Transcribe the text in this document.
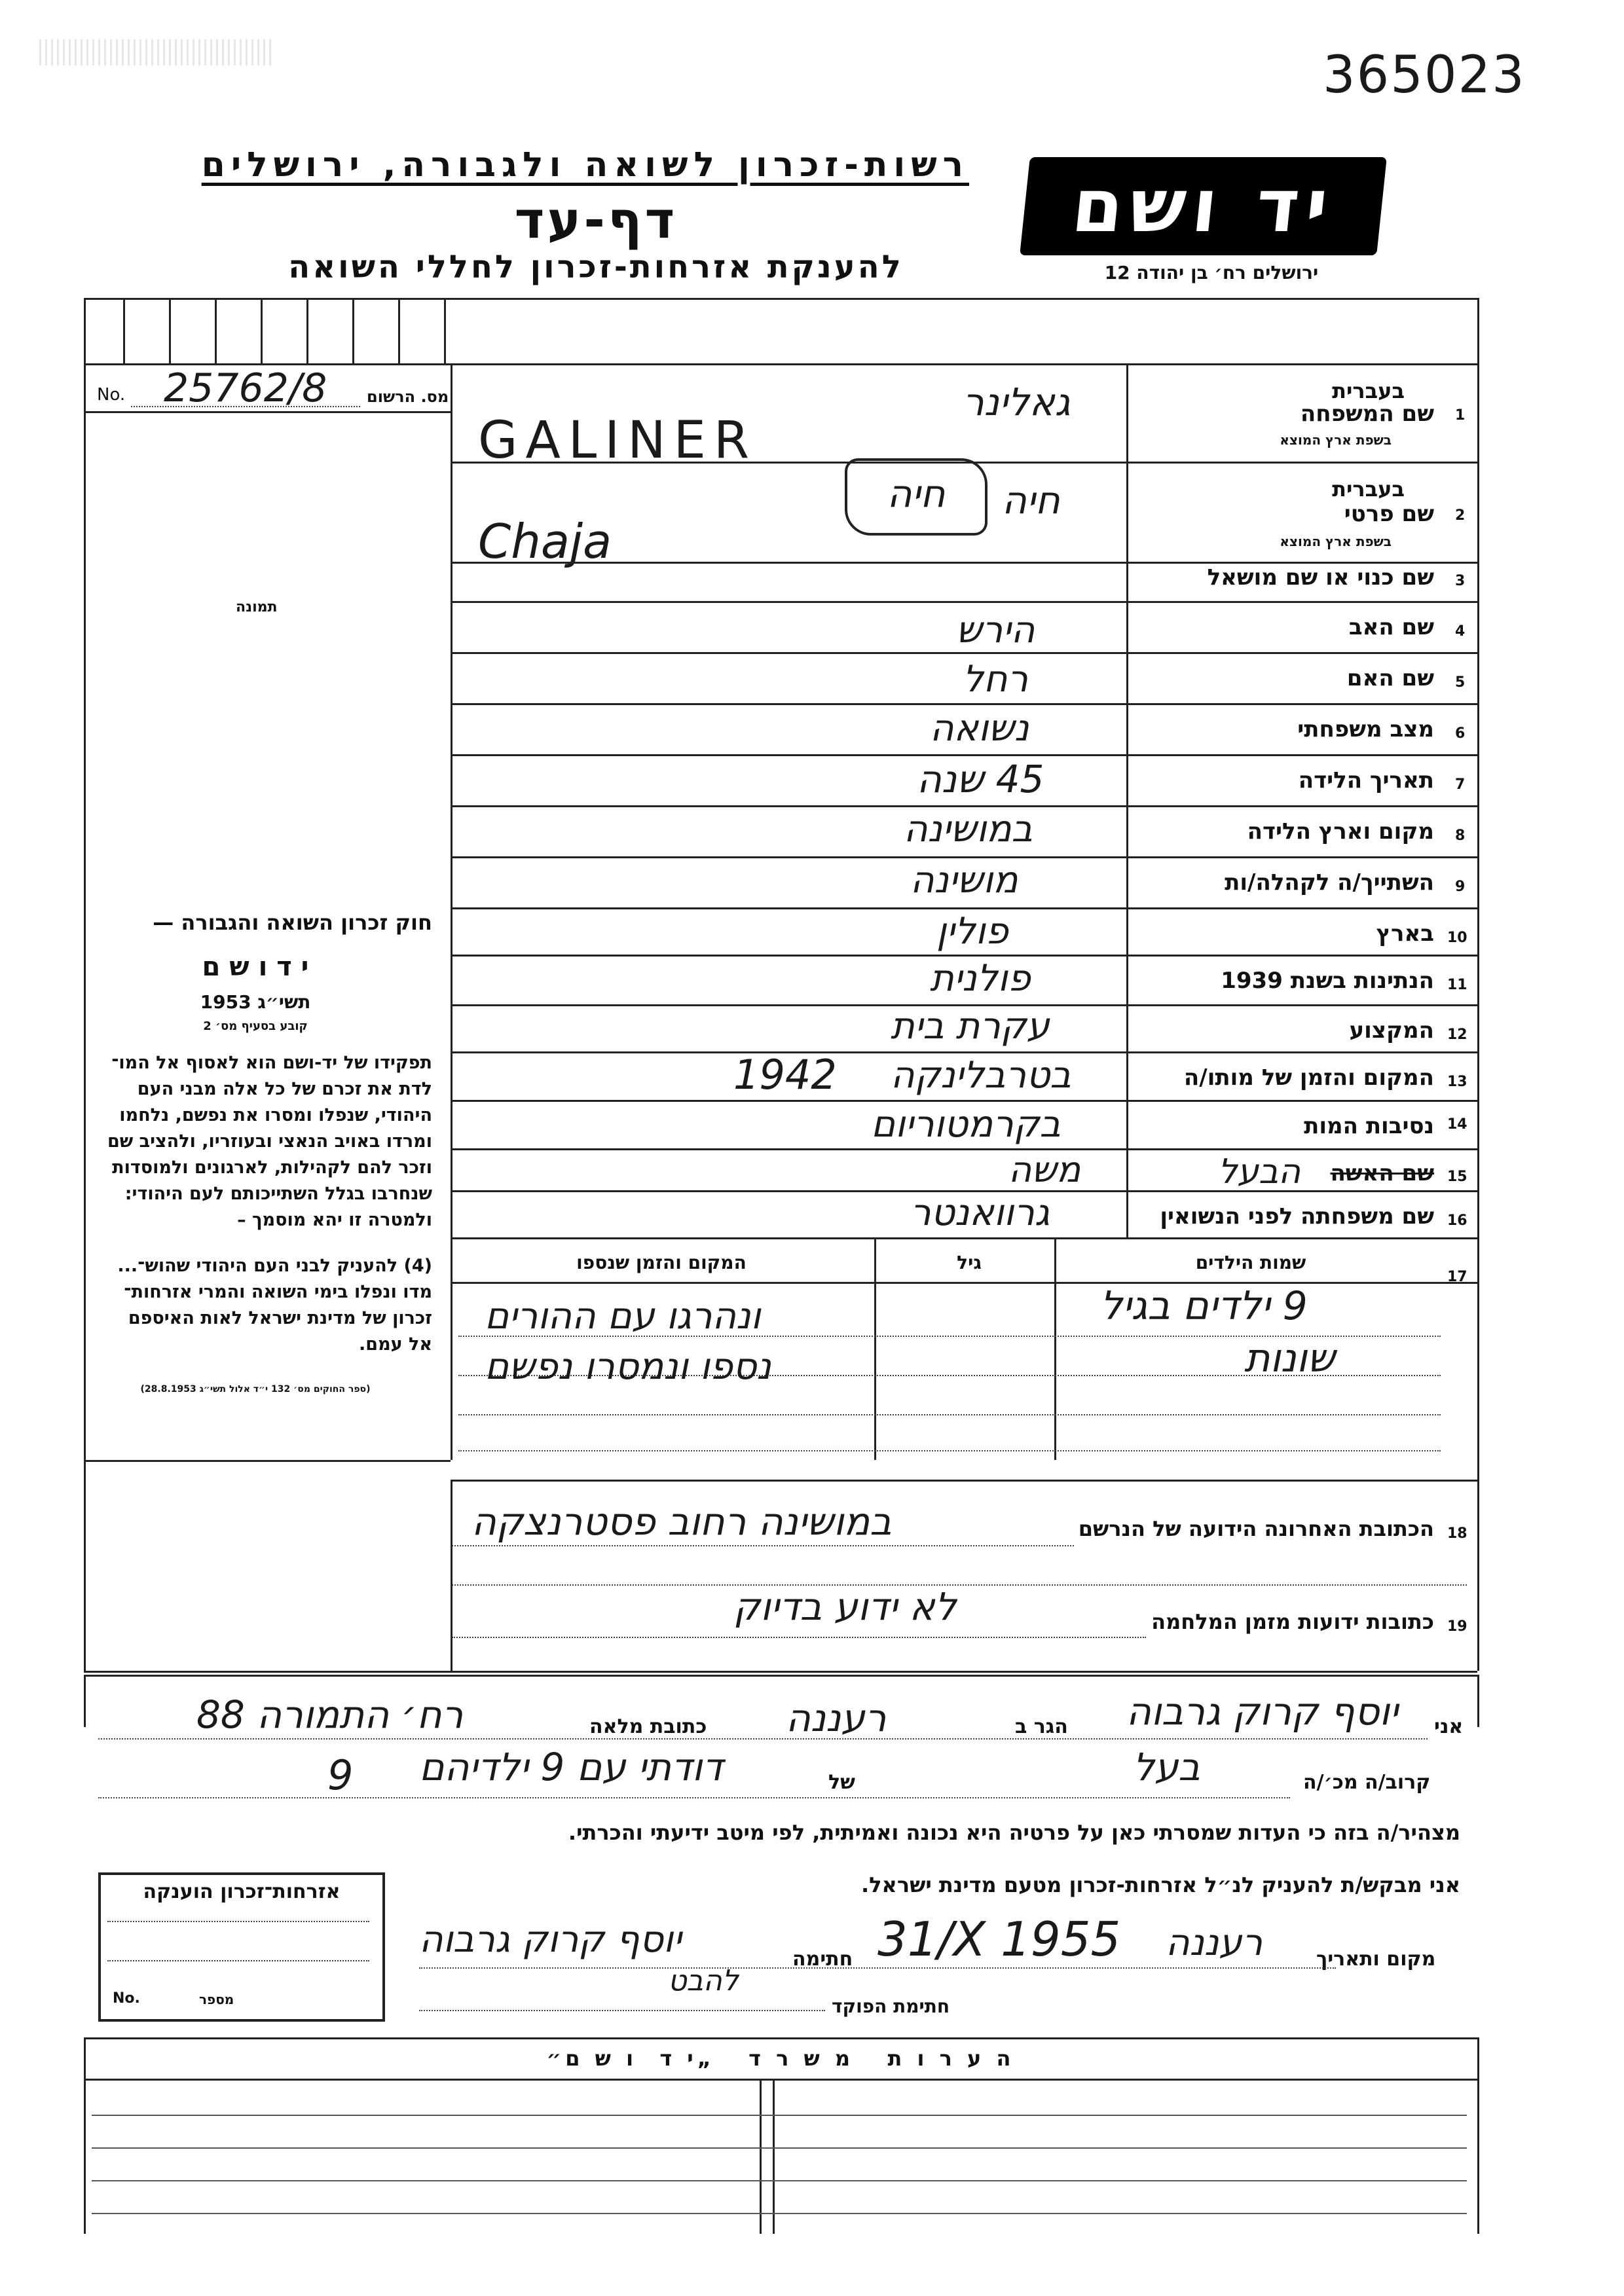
365023
רשות-זכרון לשואה ולגבורה, ירושלים
דף-עד
להענקת אזרחות-זכרון לחללי השואה
יד ושם
ירושלים רח׳ בן יהודה 12
מס. הרשום
No. 25762/8
תמונה
1
שם המשפחה
בעברית
בשפת ארץ המוצא
גאלינר
GALINER
2
שם פרטי
בעברית
בשפת ארץ המוצא
חיה
חיה
Chaja
3
שם כנוי או שם מושאל
4
שם האב
הירש
5
שם האם
רחל
6
מצב משפחתי
נשואה
7
תאריך הלידה
45 שנה
8
מקום וארץ הלידה
במושינה
9
השתייך/ה לקהלה/ות
מושינה
10
בארץ
פולין
11
הנתינות בשנת 1939
פולנית
12
המקצוע
עקרת בית
13
המקום והזמן של מותו/ה
בטרבלינקה
1942
14
נסיבות המות
בקרמטוריום
15
שם האשה
הבעל
משה
16
שם משפחתה לפני הנשואין
גרוואנטר
חוק זכרון השואה והגבורה —
י ד ו ש ם
תשי״ג 1953
קובע בסעיף מס׳ 2

תפקידו של יד-ושם הוא לאסוף אל המו־

לדת את זכרם של כל אלה מבני העם

היהודי, שנפלו ומסרו את נפשם, נלחמו

ומרדו באויב הנאצי ובעוזריו, ולהציב שם

וזכר להם לקהילות, לארגונים ולמוסדות

שנחרבו בגלל השתייכותם לעם היהודי:

ולמטרה זו יהא מוסמך –

(4) להעניק לבני העם היהודי שהוש־...

מדו ונפלו בימי השואה והמרי אזרחות־

זכרון של מדינת ישראל לאות האיספם

אל עמם.

(ספר החוקים מס׳ 132 י״ד אלול תשי״ג 28.8.1953)
17
שמות הילדים
גיל
המקום והזמן שנספו
9 ילדים בגיל
שונות
ונהרגו עם ההורים
נספו ונמסרו נפשם
18
הכתובת האחרונה הידועה של הנרשם
במושינה רחוב פסטרנצקה
19
כתובות ידועות מזמן המלחמה
לא ידוע בדיוק
אני
יוסף קרוק גרבוה
הגר ב
רעננה
כתובת מלאה
רח׳ התמורה 88
קרוב/ה מכ׳/ה
בעל
של
דודתי עם 9 ילדיהם
9
מצהיר/ה בזה כי העדות שמסרתי כאן על פרטיה היא נכונה ואמיתית, לפי מיטב ידיעתי והכרתי.
אני מבקש/ת להעניק לנ״ל אזרחות-זכרון מטעם מדינת ישראל.
אזרחות־זכרון הוענקה
מספר
No.
מקום ותאריך
רעננה
31/X 1955
חתימה
יוסף קרוק גרבוה
להבט
חתימת הפוקד
ה ע ר ו ת   מ ש ר ד   „י ד  ו ש ם״
